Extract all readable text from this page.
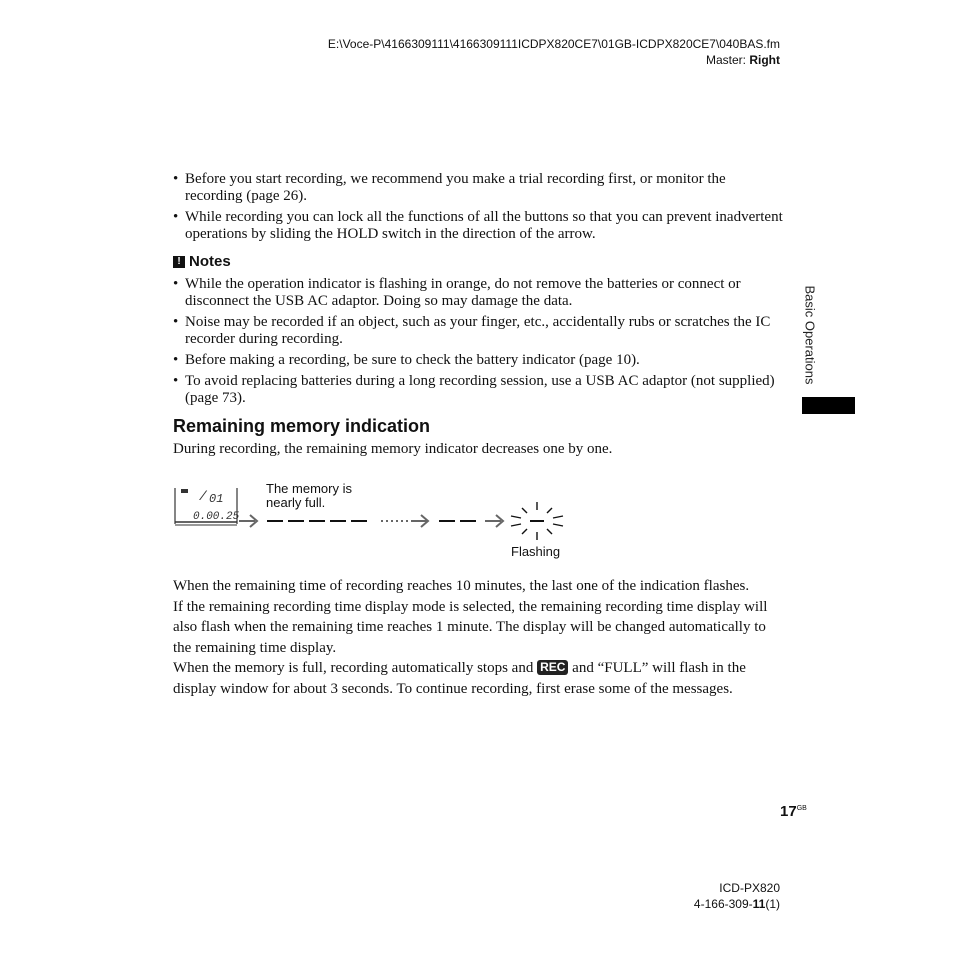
E:\Voce-P\4166309111\4166309111ICDPX820CE7\01GB-ICDPX820CE7\040BAS.fm
Master: Right
Basic Operations
• Before you start recording, we recommend you make a trial recording first, or monitor the recording (page 26).
• While recording you can lock all the functions of all the buttons so that you can prevent inadvertent operations by sliding the HOLD switch in the direction of the arrow.
! Notes
• While the operation indicator is flashing in orange, do not remove the batteries or connect or disconnect the USB AC adaptor. Doing so may damage the data.
• Noise may be recorded if an object, such as your finger, etc., accidentally rubs or scratches the IC recorder during recording.
• Before making a recording, be sure to check the battery indicator (page 10).
• To avoid replacing batteries during a long recording session, use a USB AC adaptor (not supplied) (page 73).
Remaining memory indication
During recording, the remaining memory indicator decreases one by one.
/ 01
0.00.25
The memory is
nearly full.
Flashing

When the remaining time of recording reaches 10 minutes, the last one of the indication flashes.

If the remaining recording time display mode is selected, the remaining recording time display will also flash when the remaining time reaches 1 minute. The display will be changed automatically to the remaining time display.

When the memory is full, recording automatically stops and REC and “FULL” will flash in the display window for about 3 seconds. To continue recording, first erase some of the messages.

$17^{GB}$
ICD-PX820
4-166-309-11(1)
